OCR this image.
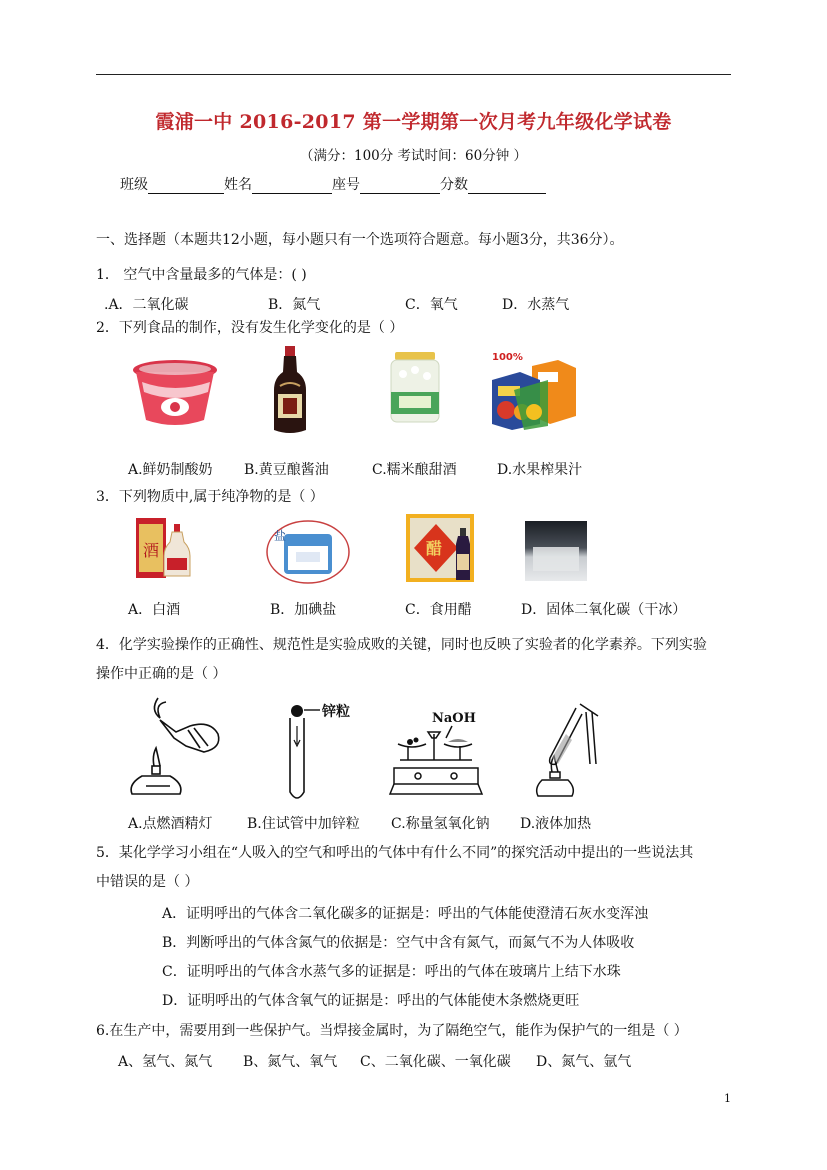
霞浦一中 2016-2017 第一学期第一次月考九年级化学试卷
（满分：100分 考试时间：60分钟 ）
班级	姓名	座号	分数
一、选择题（本题共12小题，每小题只有一个选项符合题意。每小题3分，共36分）。
1． 空气中含量最多的气体是：( )
.A．二氧化碳	B．氮气	C．氧气	D．水蒸气
2．下列食品的制作，没有发生化学变化的是（ ）
100%
A.鲜奶制酸奶 B.黄豆酿酱油	C.糯米酿甜酒	D.水果榨果汁
3．下列物质中,属于纯净物的是（ ）
酒
盐
醋
A．白酒	B．加碘盐	C．食用醋	D．固体二氧化碳（干冰）
4．化学实验操作的正确性、规范性是实验成败的关键，同时也反映了实验者的化学素养。下列实验
操作中正确的是（ ）
锌粒	NaOH
A.点燃酒精灯 B.住试管中加锌粒 C.称量氢氧化钠 D.液体加热
5．某化学学习小组在“人吸入的空气和呼出的气体中有什么不同”的探究活动中提出的一些说法其
中错误的是（ ）
A．证明呼出的气体含二氧化碳多的证据是：呼出的气体能使澄清石灰水变浑浊
B．判断呼出的气体含氮气的依据是：空气中含有氮气，而氮气不为人体吸收
C．证明呼出的气体含水蒸气多的证据是：呼出的气体在玻璃片上结下水珠
D．证明呼出的气体含氧气的证据是：呼出的气体能使木条燃烧更旺
6.在生产中，需要用到一些保护气。当焊接金属时，为了隔绝空气，能作为保护气的一组是（ ）
A、氢气、氮气 B、氮气、氧气 C、二氧化碳、一氧化碳 D、氮气、氩气
1
